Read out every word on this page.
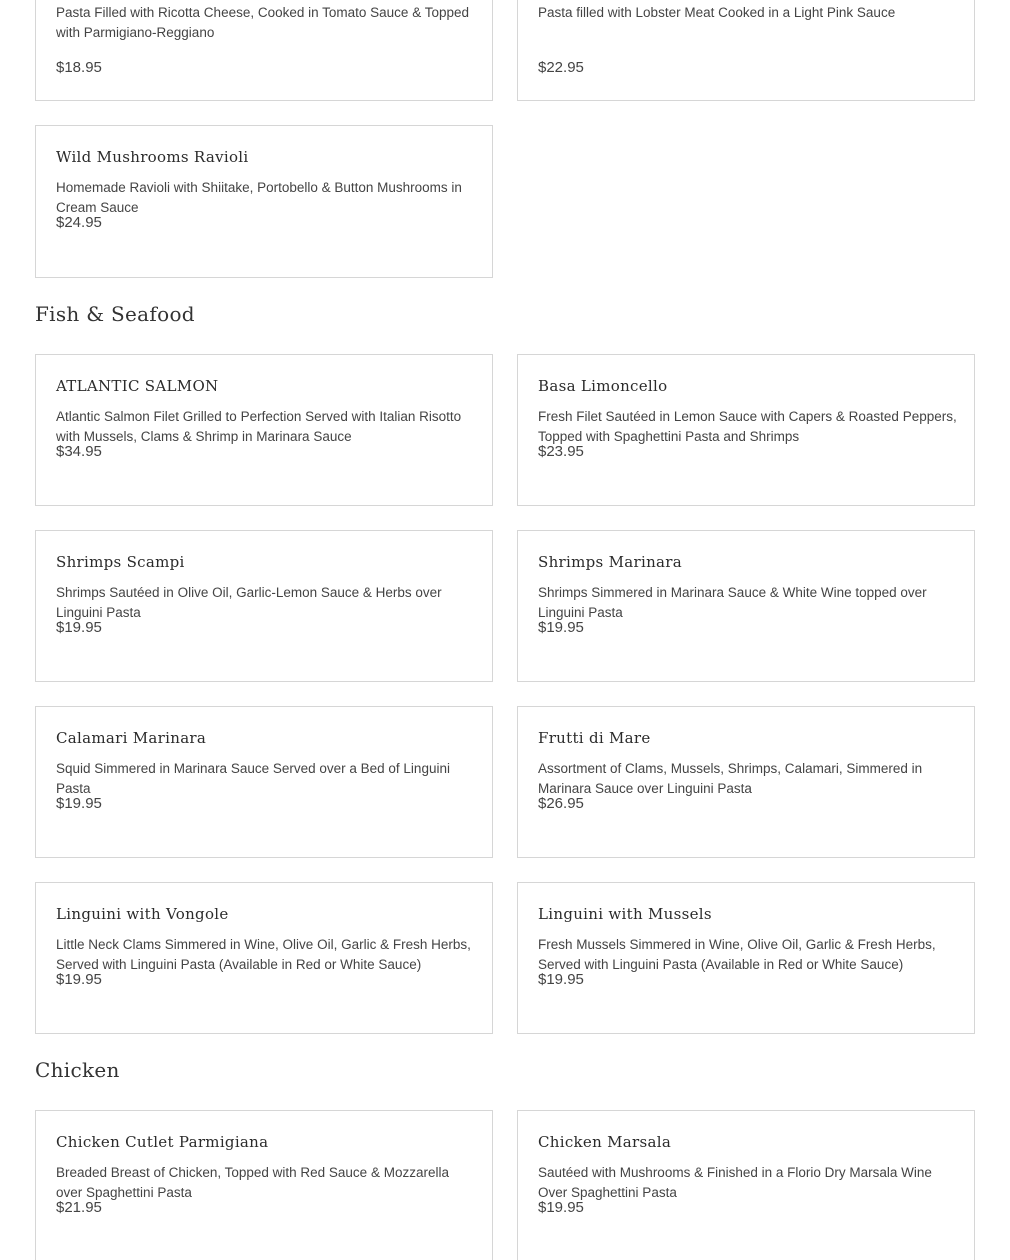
Pasta Filled with Ricotta Cheese, Cooked in Tomato Sauce & Topped with Parmigiano-Reggiano
$18.95
Pasta filled with Lobster Meat Cooked in a Light Pink Sauce
$22.95
Wild Mushrooms Ravioli
Homemade Ravioli with Shiitake, Portobello & Button Mushrooms in Cream Sauce
$24.95
Fish & Seafood
ATLANTIC SALMON
Atlantic Salmon Filet Grilled to Perfection Served with Italian Risotto with Mussels, Clams & Shrimp in Marinara Sauce
$34.95
Basa Limoncello
Fresh Filet Sautéed in Lemon Sauce with Capers & Roasted Peppers, Topped with Spaghettini Pasta and Shrimps
$23.95
Shrimps Scampi
Shrimps Sautéed in Olive Oil, Garlic-Lemon Sauce & Herbs over Linguini Pasta
$19.95
Shrimps Marinara
Shrimps Simmered in Marinara Sauce & White Wine topped over Linguini Pasta
$19.95
Calamari Marinara
Squid Simmered in Marinara Sauce Served over a Bed of Linguini Pasta
$19.95
Frutti di Mare
Assortment of Clams, Mussels, Shrimps, Calamari, Simmered in Marinara Sauce over Linguini Pasta
$26.95
Linguini with Vongole
Little Neck Clams Simmered in Wine, Olive Oil, Garlic & Fresh Herbs, Served with Linguini Pasta (Available in Red or White Sauce)
$19.95
Linguini with Mussels
Fresh Mussels Simmered in Wine, Olive Oil, Garlic & Fresh Herbs, Served with Linguini Pasta (Available in Red or White Sauce)
$19.95
Chicken
Chicken Cutlet Parmigiana
Breaded Breast of Chicken, Topped with Red Sauce & Mozzarella over Spaghettini Pasta
$21.95
Chicken Marsala
Sautéed with Mushrooms & Finished in a Florio Dry Marsala Wine Over Spaghettini Pasta
$19.95
